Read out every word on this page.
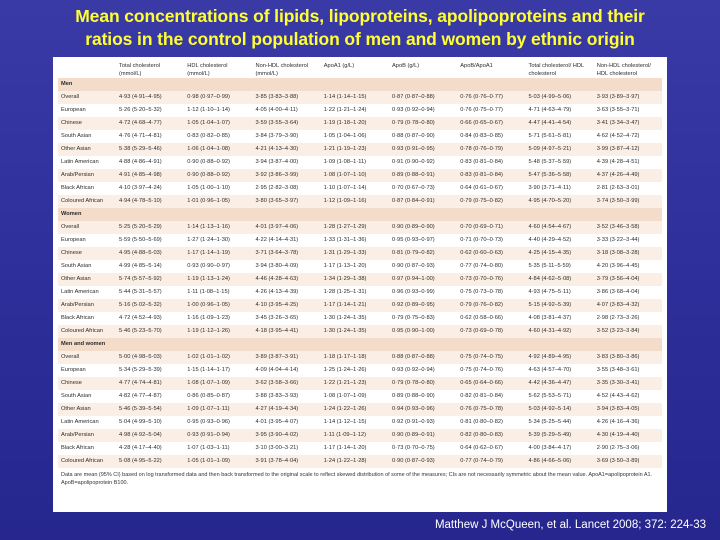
Mean concentrations of lipids, lipoproteins, apolipoproteins and their
ratios in the control population of men and women by ethnic origin
	Total cholesterol (mmol/L)	HDL cholesterol (mmol/L)	Non-HDL cholesterol (mmol/L)	ApoA1 (g/L)	ApoB (g/L)	ApoB/ApoA1	Total cholesterol/ HDL cholesterol	Non-HDL cholesterol/ HDL cholesterol
Men								
Overall	4·93 (4·91–4·95)	0·98 (0·97–0·99)	3·85 (3·83–3·88)	1·14 (1·14–1·15)	0·87 (0·87–0·88)	0·76 (0·76–0·77)	5·03 (4·99–5·06)	3·93 (3·89–3·97)
European	5·26 (5·20–5·32)	1·12 (1·10–1·14)	4·05 (4·00–4·11)	1·22 (1·21–1·24)	0·93 (0·92–0·94)	0·76 (0·75–0·77)	4·71 (4·63–4·79)	3·63 (3·55–3·71)
Chinese	4·72 (4·68–4·77)	1·05 (1·04–1·07)	3·59 (3·55–3·64)	1·19 (1·18–1·20)	0·79 (0·78–0·80)	0·66 (0·65–0·67)	4·47 (4·41–4·54)	3·41 (3·34–3·47)
South Asian	4·76 (4·71–4·81)	0·83 (0·82–0·85)	3·84 (3·79–3·90)	1·05 (1·04–1·06)	0·88 (0·87–0·90)	0·84 (0·83–0·85)	5·71 (5·61–5·81)	4·62 (4·52–4·72)
Other Asian	5·38 (5·29–5·46)	1·06 (1·04–1·08)	4·21 (4·13–4·30)	1·21 (1·19–1·23)	0·93 (0·91–0·95)	0·78 (0·76–0·79)	5·09 (4·97–5·21)	3·99 (3·87–4·12)
Latin American	4·88 (4·86–4·91)	0·90 (0·88–0·92)	3·94 (3·87–4·00)	1·09 (1·08–1·11)	0·91 (0·90–0·92)	0·83 (0·81–0·84)	5·48 (5·37–5·59)	4·39 (4·28–4·51)
Arab/Persian	4·91 (4·85–4·98)	0·90 (0·88–0·92)	3·92 (3·86–3·99)	1·08 (1·07–1·10)	0·89 (0·88–0·91)	0·83 (0·81–0·84)	5·47 (5·36–5·58)	4·37 (4·26–4·49)
Black African	4·10 (3·97–4·24)	1·05 (1·00–1·10)	2·95 (2·82–3·08)	1·10 (1·07–1·14)	0·70 (0·67–0·73)	0·64 (0·61–0·67)	3·90 (3·71–4·11)	2·81 (2·63–3·01)
Coloured African	4·94 (4·78–5·10)	1·01 (0·96–1·05)	3·80 (3·65–3·97)	1·12 (1·09–1·16)	0·87 (0·84–0·91)	0·79 (0·75–0·82)	4·95 (4·70–5·20)	3·74 (3·50–3·99)
Women								
Overall	5·25 (5·20–5·29)	1·14 (1·13–1·16)	4·01 (3·97–4·06)	1·28 (1·27–1·29)	0·90 (0·89–0·90)	0·70 (0·69–0·71)	4·60 (4·54–4·67)	3·52 (3·46–3·58)
European	5·59 (5·50–5·69)	1·27 (1·24–1·30)	4·22 (4·14–4·31)	1·33 (1·31–1·36)	0·95 (0·93–0·97)	0·71 (0·70–0·73)	4·40 (4·29–4·52)	3·33 (3·22–3·44)
Chinese	4·95 (4·88–5·03)	1·17 (1·14–1·19)	3·71 (3·64–3·78)	1·31 (1·29–1·33)	0·81 (0·79–0·82)	0·62 (0·60–0·63)	4·25 (4·15–4·35)	3·18 (3·08–3·28)
South Asian	4·99 (4·85–5·14)	0·93 (0·90–0·97)	3·94 (3·80–4·09)	1·17 (1·13–1·20)	0·90 (0·87–0·93)	0·77 (0·74–0·80)	5·35 (5·11–5·59)	4·20 (3·96–4·45)
Other Asian	5·74 (5·57–5·92)	1·19 (1·13–1·24)	4·46 (4·28–4·63)	1·34 (1·29–1·38)	0·97 (0·94–1·00)	0·73 (0·70–0·76)	4·84 (4·62–5·08)	3·79 (3·56–4·04)
Latin American	5·44 (5·31–5·57)	1·11 (1·08–1·15)	4·26 (4·13–4·39)	1·28 (1·25–1·31)	0·96 (0·93–0·99)	0·75 (0·73–0·78)	4·93 (4·75–5·11)	3·86 (3·68–4·04)
Arab/Persian	5·16 (5·02–5·32)	1·00 (0·96–1·05)	4·10 (3·95–4·25)	1·17 (1·14–1·21)	0·92 (0·89–0·95)	0·79 (0·76–0·82)	5·15 (4·92–5·39)	4·07 (3·83–4·32)
Black African	4·72 (4·52–4·93)	1·16 (1·09–1·23)	3·45 (3·26–3·65)	1·30 (1·24–1·35)	0·79 (0·75–0·83)	0·62 (0·58–0·66)	4·08 (3·81–4·37)	2·98 (2·73–3·26)
Coloured African	5·46 (5·23–5·70)	1·19 (1·12–1·26)	4·18 (3·95–4·41)	1·30 (1·24–1·35)	0·95 (0·90–1·00)	0·73 (0·69–0·78)	4·60 (4·31–4·92)	3·52 (3·23–3·84)
Men and women								
Overall	5·00 (4·98–5·03)	1·02 (1·01–1·02)	3·89 (3·87–3·91)	1·18 (1·17–1·18)	0·88 (0·87–0·88)	0·75 (0·74–0·75)	4·92 (4·89–4·95)	3·83 (3·80–3·86)
European	5·34 (5·29–5·39)	1·15 (1·14–1·17)	4·09 (4·04–4·14)	1·25 (1·24–1·26)	0·93 (0·92–0·94)	0·75 (0·74–0·76)	4·63 (4·57–4·70)	3·55 (3·48–3·61)
Chinese	4·77 (4·74–4·81)	1·08 (1·07–1·09)	3·62 (3·58–3·66)	1·22 (1·21–1·23)	0·79 (0·78–0·80)	0·65 (0·64–0·66)	4·42 (4·36–4·47)	3·35 (3·30–3·41)
South Asian	4·82 (4·77–4·87)	0·86 (0·85–0·87)	3·88 (3·83–3·93)	1·08 (1·07–1·09)	0·89 (0·88–0·90)	0·82 (0·81–0·84)	5·62 (5·53–5·71)	4·52 (4·43–4·62)
Other Asian	5·46 (5·39–5·54)	1·09 (1·07–1·11)	4·27 (4·19–4·34)	1·24 (1·22–1·26)	0·94 (0·93–0·96)	0·76 (0·75–0·78)	5·03 (4·92–5·14)	3·94 (3·83–4·05)
Latin American	5·04 (4·99–5·10)	0·95 (0·93–0·96)	4·01 (3·95–4·07)	1·14 (1·12–1·15)	0·92 (0·91–0·93)	0·81 (0·80–0·82)	5·34 (5·25–5·44)	4·26 (4·16–4·36)
Arab/Persian	4·98 (4·92–5·04)	0·93 (0·91–0·94)	3·95 (3·90–4·02)	1·11 (1·09–1·12)	0·90 (0·89–0·91)	0·82 (0·80–0·83)	5·39 (5·29–5·49)	4·30 (4·19–4·40)
Black African	4·28 (4·17–4·40)	1·07 (1·03–1·11)	3·10 (3·00–3·21)	1·17 (1·14–1·20)	0·73 (0·70–0·75)	0·64 (0·62–0·67)	4·00 (3·84–4·17)	2·90 (2·75–3·06)
Coloured African	5·08 (4·95–5·22)	1·05 (1·01–1·09)	3·91 (3·78–4·04)	1·24 (1·22–1·28)	0·90 (0·87–0·93)	0·77 (0·74–0·79)	4·86 (4·66–5·06)	3·69 (3·50–3·89)
Data are mean (95% CI) based on log transformed data and then back transformed to the original scale to reflect skewed distribution of some of the measures; CIs are not necessarily symmetric about the mean value. ApoA1=apolipoprotein A1. ApoB=apolipoprotein B100.
Matthew J McQueen, et al. Lancet 2008; 372: 224-33
